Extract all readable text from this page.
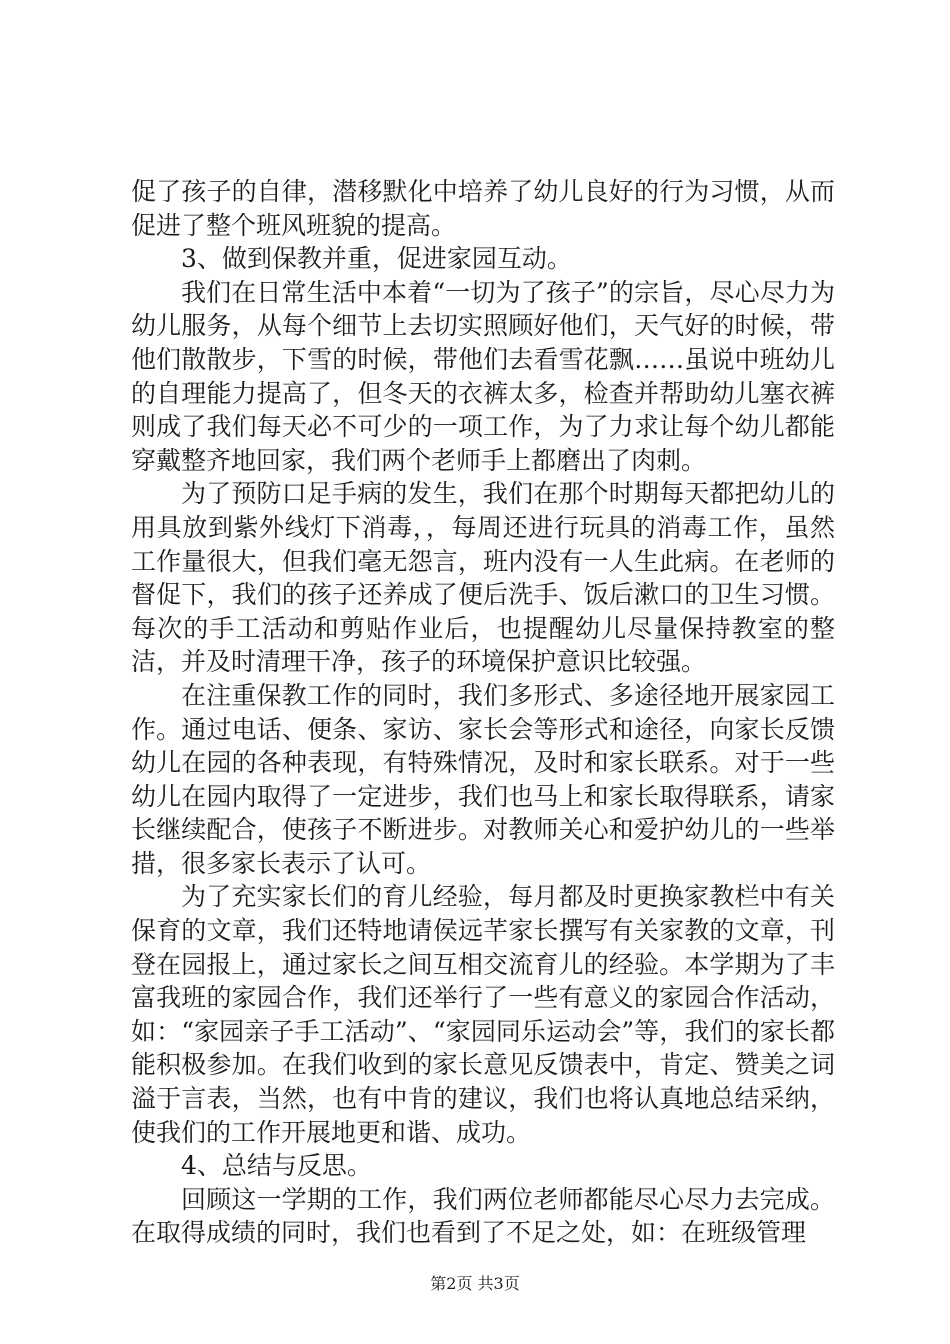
促了孩子的自律，潜移默化中培养了幼儿良好的行为习惯，从而促进了整个班风班貌的提高。

3、做到保教并重，促进家园互动。

我们在日常生活中本着“一切为了孩子”的宗旨，尽心尽力为幼儿服务，从每个细节上去切实照顾好他们，天气好的时候，带他们散散步，下雪的时候，带他们去看雪花飘……虽说中班幼儿的自理能力提高了，但冬天的衣裤太多，检查并帮助幼儿塞衣裤则成了我们每天必不可少的一项工作，为了力求让每个幼儿都能穿戴整齐地回家，我们两个老师手上都磨出了肉刺。

为了预防口足手病的发生，我们在那个时期每天都把幼儿的用具放到紫外线灯下消毒，，每周还进行玩具的消毒工作，虽然工作量很大，但我们毫无怨言，班内没有一人生此病。在老师的督促下，我们的孩子还养成了便后洗手、饭后漱口的卫生习惯。每次的手工活动和剪贴作业后，也提醒幼儿尽量保持教室的整洁，并及时清理干净，孩子的环境保护意识比较强。

在注重保教工作的同时，我们多形式、多途径地开展家园工作。通过电话、便条、家访、家长会等形式和途径，向家长反馈幼儿在园的各种表现，有特殊情况，及时和家长联系。对于一些幼儿在园内取得了一定进步，我们也马上和家长取得联系，请家长继续配合，使孩子不断进步。对教师关心和爱护幼儿的一些举措，很多家长表示了认可。

为了充实家长们的育儿经验，每月都及时更换家教栏中有关保育的文章，我们还特地请侯远芊家长撰写有关家教的文章，刊登在园报上，通过家长之间互相交流育儿的经验。本学期为了丰富我班的家园合作，我们还举行了一些有意义的家园合作活动，如：“家园亲子手工活动”、“家园同乐运动会”等，我们的家长都能积极参加。在我们收到的家长意见反馈表中，肯定、赞美之词溢于言表，当然，也有中肯的建议，我们也将认真地总结采纳，使我们的工作开展地更和谐、成功。

4、总结与反思。

回顾这一学期的工作，我们两位老师都能尽心尽力去完成。在取得成绩的同时，我们也看到了不足之处，如：在班级管理

第2页 共3页
